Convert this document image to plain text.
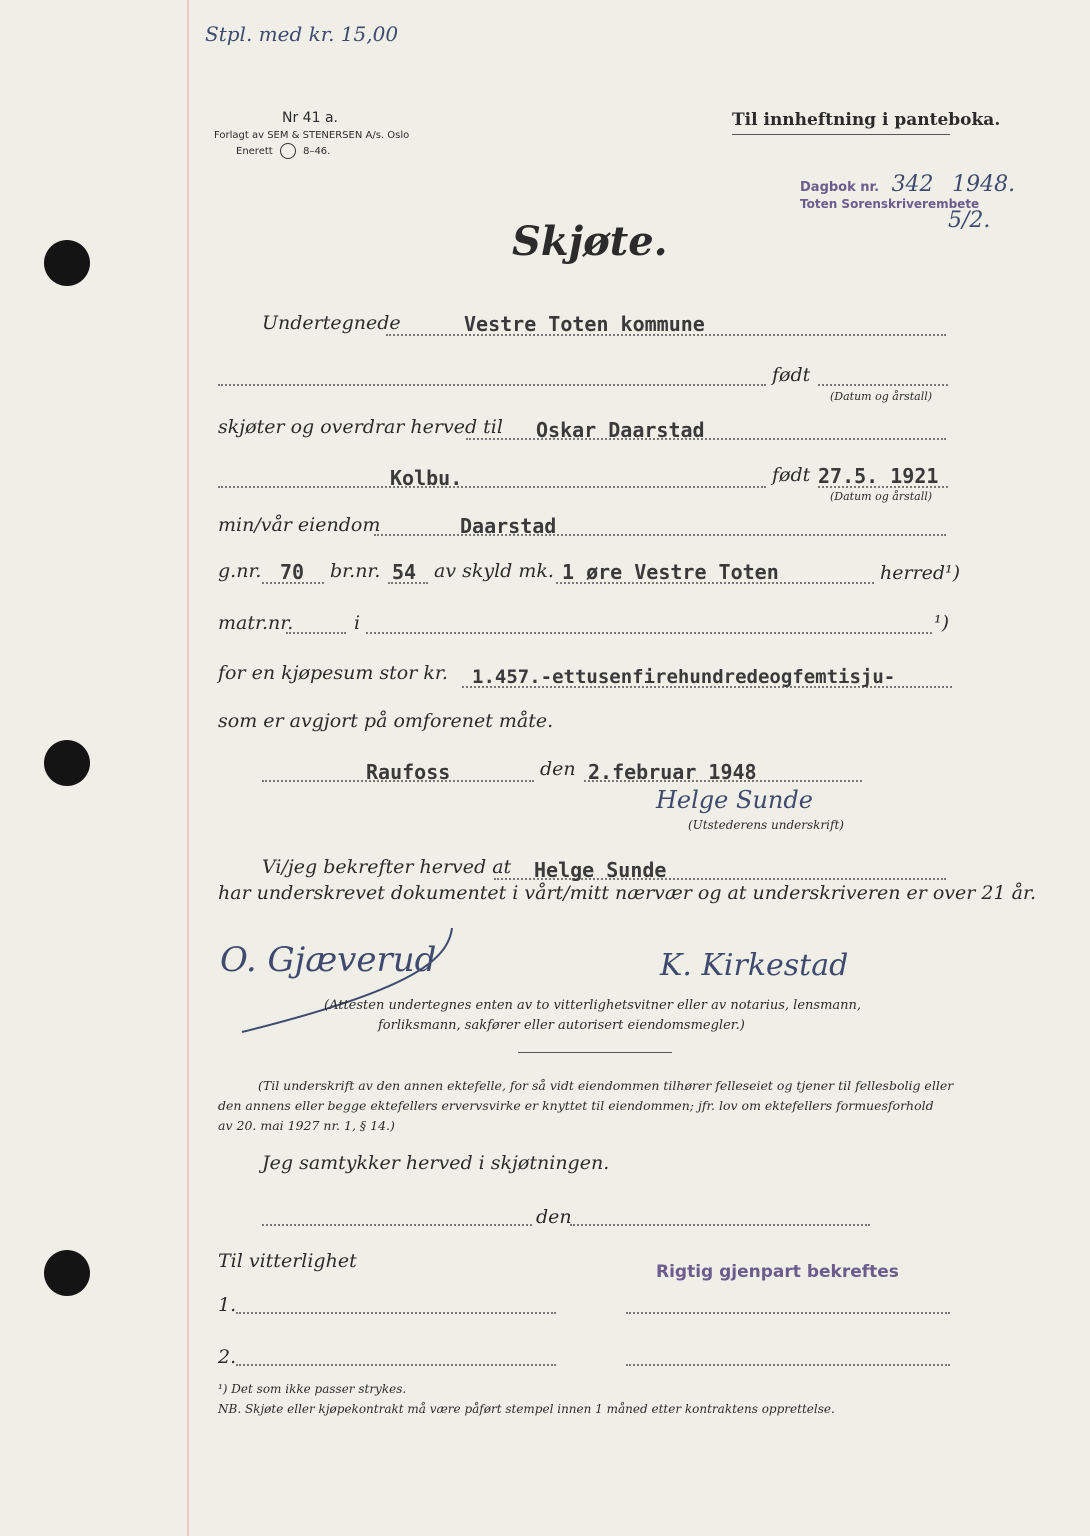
Stpl. med kr. 15,00
Nr 41 a.
Forlagt av SEM & STENERSEN A/s. Oslo
Enerett	8–46.
Til innheftning i panteboka.
Dagbok nr. 342 1948.
Toten Sorenskriverembete
5/2.
Skjøte.
Undertegnede	Vestre Toten kommune
født
(Datum og årstall)
skjøter og overdrar herved til Oskar Daarstad
Kolbu.	født 27.5. 1921
(Datum og årstall)
min/vår eiendom	Daarstad
g.nr. 70 br.nr. 54 av skyld mk. 1 øre Vestre Toten	herred¹)
matr.nr.	i	¹)
for en kjøpesum stor kr. 1.457.-ettusenfirehundredeogfemtisju-
som er avgjort på omforenet måte.
Raufoss	den 2.februar 1948
Helge Sunde
(Utstederens underskrift)
Vi/jeg bekrefter herved at Helge Sunde
har underskrevet dokumentet i vårt/mitt nærvær og at underskriveren er over 21 år.
O. Gjæverud	K. Kirkestad
(Attesten undertegnes enten av to vitterlighetsvitner eller av notarius, lensmann,
forliksmann, sakfører eller autorisert eiendomsmegler.)
(Til underskrift av den annen ektefelle, for så vidt eiendommen tilhører felleseiet og tjener til fellesbolig eller
den annens eller begge ektefellers ervervsvirke er knyttet til eiendommen; jfr. lov om ektefellers formuesforhold
av 20. mai 1927 nr. 1, § 14.)
Jeg samtykker herved i skjøtningen.
den
Til vitterlighet	Rigtig gjenpart bekreftes
1.
2.
¹) Det som ikke passer strykes.
NB. Skjøte eller kjøpekontrakt må være påført stempel innen 1 måned etter kontraktens opprettelse.
